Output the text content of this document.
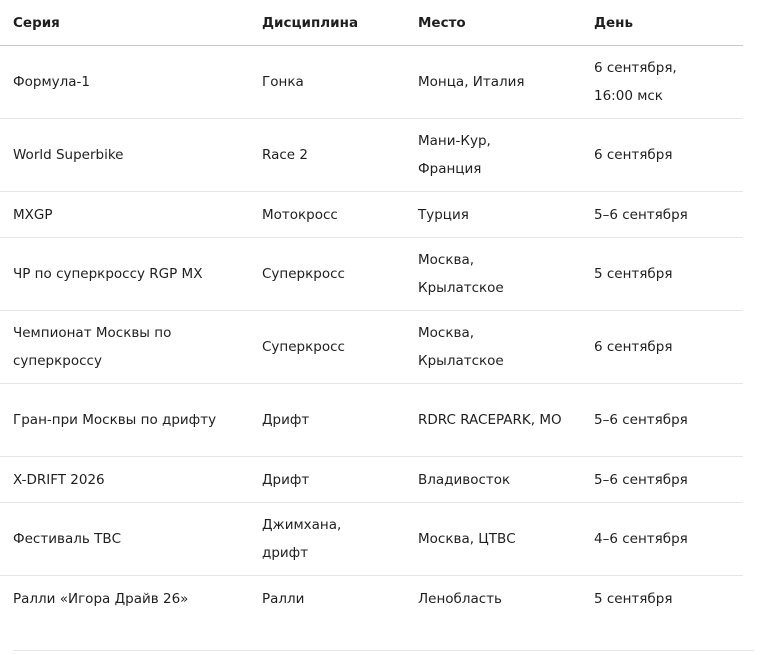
Серия	Дисциплина	Место	День

Формула-1	Гонка	Монца, Италия	6 сентября, 16:00 мск

World Superbike	Race 2	Мани-Кур, Франция	6 сентября

MXGP	Мотокросс	Турция	5–6 сентября

ЧР по суперкроссу RGP MX	Суперкросс	Москва, Крылатское	5 сентября

Чемпионат Москвы по суперкроссу	Суперкросс	Москва, Крылатское	6 сентября

Гран-при Москвы по дрифту	Дрифт	RDRC RACEPARK, МО	5–6 сентября

X-DRIFT 2026	Дрифт	Владивосток	5–6 сентября

Фестиваль ТВС	Джимхана, дрифт	Москва, ЦТВС	4–6 сентября

Ралли «Игора Драйв 26»	Ралли	Ленобласть	5 сентября
